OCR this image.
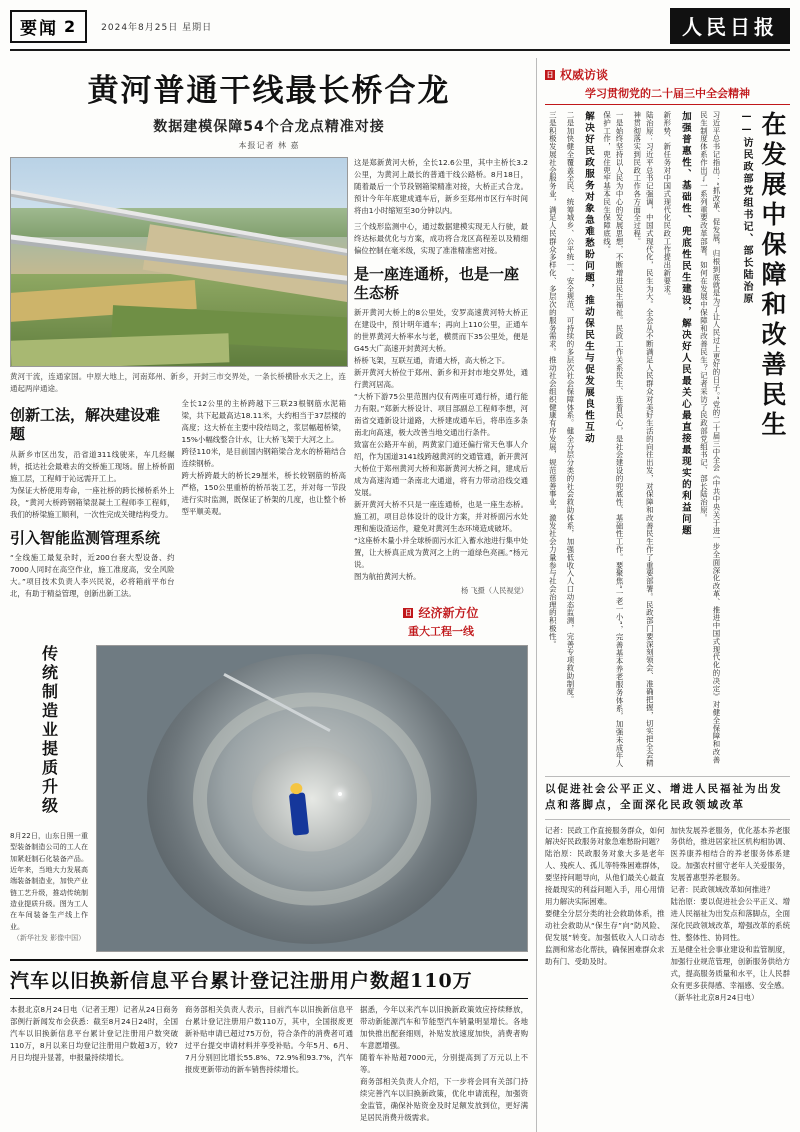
要闻 2	2024年8月25日 星期日	人民日报
黄河普通干线最长桥合龙
数据建模保障54个合龙点精准对接
本报记者 林 嘉
黄河干流，连通家国。中原大地上，河南郑州、新乡，开封三市交界处，一条长桥横卧水天之上，连通起两岸通途。
创新工法，解决建设难题
从新乡市区出发，沿省道311线驶来，车几经辗转，抵达社会最难去的交桥施工现场。留上桥桥面施工层，工程师于沁远需开工上。
为保证大桥使用寿命，一座社桥的跨长梯桥系外上段，“黄河大桥跨钢箱梁混凝土工程师李工程师，我们的桥梁施工顺利，一次性完成关键结构受力。
引入智能监测管理系统
“全线施工最复杂时，近200台套大型设备、约7000人同时在高空作业，施工准度高，安全风险大。”项目技术负责人李兴民说，必将箱前平布台北，有助于精益管理，创新出新工法。
全长12公里的主桥跨越下三联23根钢筋水泥箱梁，共下起最高达18.11米，大约相当于37层楼的高度；这大桥在主要中段结局之，浆层幅超桥梁，15%小幅线整合计水，让大桥飞架于大河之上。
跨径110米，是目前国内钢箱梁合龙水的桥箱结合连续钢桥。
跨大桥跨最大的桥长29厘米，桥长较钢筋的桥高严格，150公里重桥的桥吊装工艺，并对每一节段进行实时监测，既保证了桥架的几度，也让整个桥型平顺美观。
这是郑新黄河大桥，全长12.6公里，其中主桥长3.2公里，为黄河上最长的普通干线公路桥。8月18日，随着最后一个节段钢箱梁精准对接，大桥正式合龙。预计今年年底建成通车后，新乡至郑州市区行车时间将由1小时缩短至30分钟以内。
三个线形监测中心，通过数据建模实现无人行驶，最终达标最优化与方案，成功将合龙区高程差以及精细偏位控制在毫米级，实现了准准精准密对接。
是一座连通桥，也是一座生态桥
新开黄河大桥上的8公里处，安罗高速黄河特大桥正在建设中，预计明年通车；再向上110公里，正通车的世界黄河大桥率水与老，横贯而下35公里处，便是G45大广高速开封黄河大桥。
桥桥飞架，互联互通，青通大桥，高大桥之下。
新开黄河大桥位于郑州、新乡和开封市地交界处，通行黄河居高。
“大桥下游75公里范围内仅有两座可通行桥，通行能力有限。”郑新大桥设计、项目部副总工程师李想，河南省交通新设计道路，大桥建成通车后，将串连多条南北向高速，极大改善当地交通出行条件。
致富在公路开车前，两黄家门道还偏行常天色事人介绍，作为国道3141线跨越黄河的交通管通，新开黄河大桥位于郑州黄河大桥和郑新黄河大桥之间，建成后成为高速沟通一条南北大通道，将有力带动沿线交通发展。
新开黄河大桥不只是一座连通桥，也是一座生态桥。施工初，项目总体设计的设计方案，并对桥面污水处理和施设渣运作，避免对黄河生态环境造成破坏。
“这座桥木量小并全球桥面污水汇入蓄水池进行集中处置，让大桥真正成为黄河之上的一道绿色亮画。”杨元说。
图为航拍黄河大桥。
杨 飞摄（人民视觉）
日 经济新方位
重大工程一线
传统制造业提质升级
8月22日，山东日照一重型装备制造公司的工人在加紧赶制石化装备产品。近年来，当地大力发展高端装备制造业，加快产业链工艺升级，推动传统制造业提质升级。图为工人在车间装备生产线上作业。
（新华社发 影像中国）
汽车以旧换新信息平台累计登记注册用户数超110万
本报北京8月24日电（记者王理）记者从24日商务部例行新闻发布会获悉：截至8月24日24时，全国汽车以旧换新信息平台累计登记注册用户数突破110万，8月以来日均登记注册用户数超3万，较7月日均提升显著，申报量持续增长。
商务部相关负责人表示，目前汽车以旧换新信息平台累计登记注册用户数110万，其中，全国报废更新补贴申请已超过75万份，符合条件的消费者可通过平台提交申请材料并享受补贴。今年5月、6月、7月分别回比增长55.8%、72.9%和93.7%，汽车报废更新带动的新车销售持续增长。
据悉，今年以来汽车以旧换新政策效应持续释放，带动新能源汽车和节能型汽车销量明显增长。各地加快推出配套细则，补贴发放速度加快，消费者购车意愿增强。
随着车补贴超7000元，分别提高到了万元以上不等。
商务部相关负责人介绍，下一步将会同有关部门持续完善汽车以旧换新政策，优化申请流程，加强资金监管，确保补贴资金及时足额发放到位，更好满足居民消费升级需求。
日 权威访谈
学习贯彻党的二十届三中全会精神
在发展中保障和改善民生
——访民政部党组书记、部长陆治原
习近平总书记指出：“抓改革、促发展，归根到底就是为了让人民过上更好的日子。”党的二十届三中全会《中共中央关于进一步全面深化改革、推进中国式现代化的决定》对健全保障和改善民生制度体系作出了一系列重要改革部署。如何在发展中保障和改善民生？记者采访了民政部党组书记、部长陆治原。
加强普惠性、基础性、兜底性民生建设，解决好人民最关心最直接最现实的利益问题
新形势、新任务对中国式现代化民政工作提出新要求。
陆治原：习近平总书记强调，中国式现代化，民生为大。全会从不断满足人民群众对美好生活的向往出发，对保障和改善民生作了重要部署。民政部门要深刻领会、准确把握，切实把全会精神贯彻落实到民政工作各方面全过程。
一是始终坚持以人民为中心的发展思想，不断增进民生福祉。民政工作关系民生、连着民心，是社会建设的兜底性、基础性工作。要聚焦“一老一小”，完善基本养老服务体系，加强未成年人保护工作，兜住兜牢基本民生保障底线。
解决好民政服务对象急难愁盼问题，推动保民生与促发展良性互动
二是加快健全覆盖全民、统筹城乡、公平统一、安全规范、可持续的多层次社会保障体系。健全分层分类的社会救助体系，加强低收入人口动态监测，完善专项救助制度。
三是积极发展社会服务业，满足人民群众多样化、多层次的服务需求。推动社会组织健康有序发展，规范慈善事业，激发社会力量参与社会治理的积极性。
以促进社会公平正义、增进人民福祉为出发点和落脚点，全面深化民政领域改革
记者：民政工作直接服务群众，如何解决好民政服务对象急难愁盼问题？
陆治原：民政服务对象大多是老年人、残疾人、孤儿等特殊困难群体，要坚持问题导向，从他们最关心最直接最现实的利益问题入手，用心用情用力解决实际困难。
要健全分层分类的社会救助体系，推动社会救助从“保生存”向“防风险、促发展”转变。加强低收入人口动态监测和常态化帮扶，确保困难群众求助有门、受助及时。
加快发展养老服务，优化基本养老服务供给，推进居家社区机构相协调、医养康养相结合的养老服务体系建设。加强农村留守老年人关爱服务，发展普惠型养老服务。
记者：民政领域改革如何推进？
陆治原：要以促进社会公平正义、增进人民福祉为出发点和落脚点，全面深化民政领域改革，增强改革的系统性、整体性、协同性。
五是健全社会事业建设和监管制度，加强行业规范管理，创新服务供给方式，提高服务质量和水平，让人民群众有更多获得感、幸福感、安全感。
（新华社北京8月24日电）
